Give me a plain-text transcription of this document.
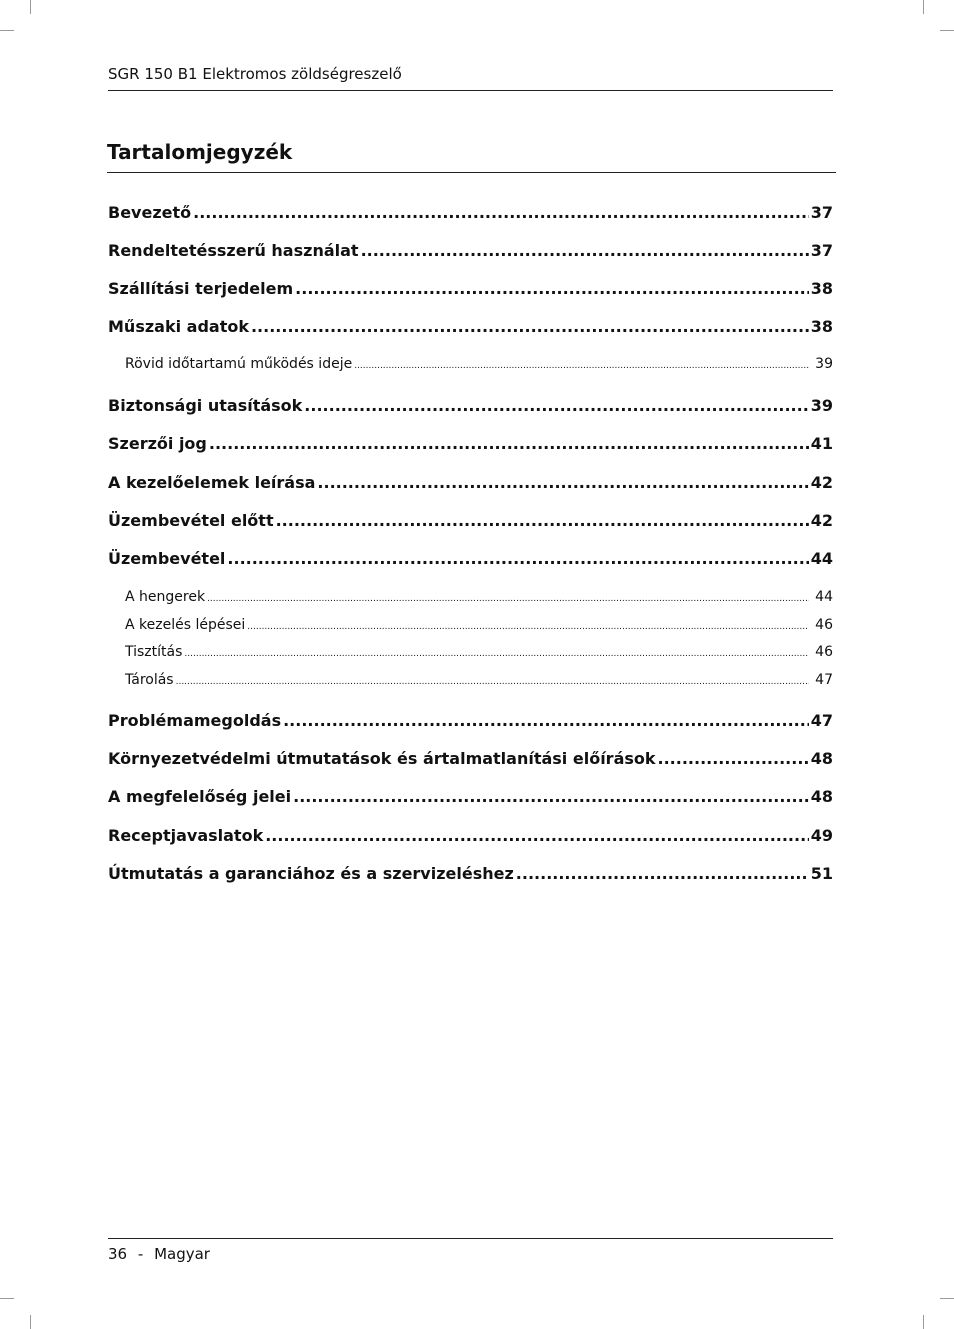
SGR 150 B1 Elektromos zöldségreszelő
Tartalomjegyzék
Bevezető .....	37
Rendeltetésszerű használat .....	37
Szállítási terjedelem .....	38
Műszaki adatok .....	38
Rövid időtartamú működés ideje .....	39
Biztonsági utasítások .....	39
Szerzői jog .....	41
A kezelőelemek leírása .....	42
Üzembevétel előtt .....	42
Üzembevétel .....	44
A hengerek .....	44
A kezelés lépései .....	46
Tisztítás .....	46
Tárolás .....	47
Problémamegoldás .....	47
Környezetvédelmi útmutatások és ártalmatlanítási előírások .....	48
A megfelelőség jelei .....	48
Receptjavaslatok .....	49
Útmutatás a garanciához és a szervizeléshez .....	51
36 - Magyar
